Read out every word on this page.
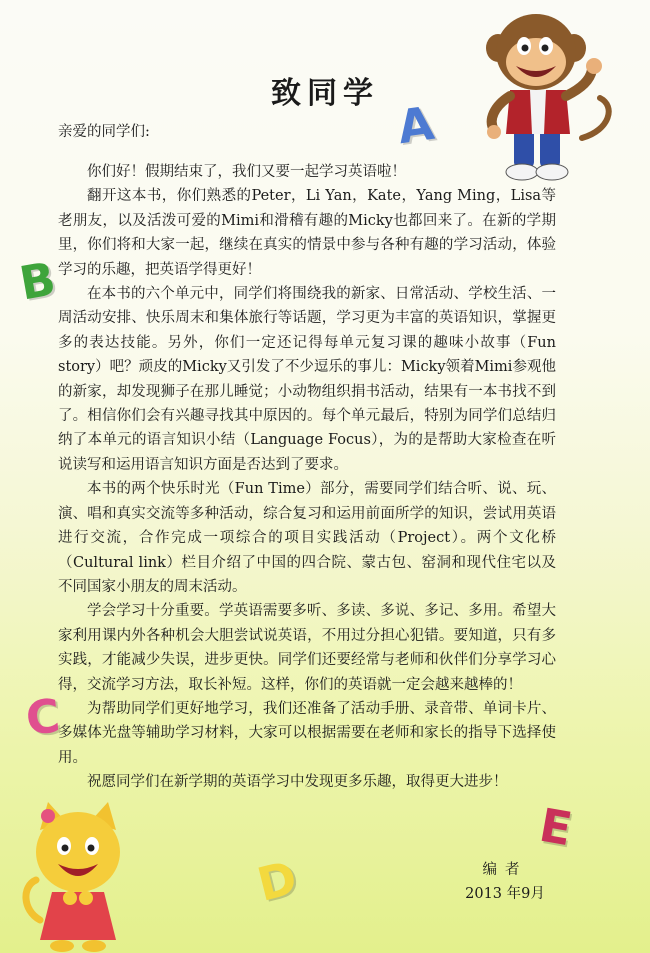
致同学
A
B
C
D
E
亲爱的同学们:

你们好！假期结束了，我们又要一起学习英语啦！

翻开这本书，你们熟悉的Peter，Li Yan，Kate，Yang Ming，Lisa等老朋友，以及活泼可爱的Mimi和滑稽有趣的Micky也都回来了。在新的学期里，你们将和大家一起，继续在真实的情景中参与各种有趣的学习活动，体验学习的乐趣，把英语学得更好！

在本书的六个单元中，同学们将围绕我的新家、日常活动、学校生活、一周活动安排、快乐周末和集体旅行等话题，学习更为丰富的英语知识，掌握更多的表达技能。另外，你们一定还记得每单元复习课的趣味小故事（Fun story）吧？顽皮的Micky又引发了不少逗乐的事儿：Micky领着Mimi参观他的新家，却发现狮子在那儿睡觉；小动物组织捐书活动，结果有一本书找不到了。相信你们会有兴趣寻找其中原因的。每个单元最后，特别为同学们总结归纳了本单元的语言知识小结（Language Focus），为的是帮助大家检查在听说读写和运用语言知识方面是否达到了要求。

本书的两个快乐时光（Fun Time）部分，需要同学们结合听、说、玩、演、唱和真实交流等多种活动，综合复习和运用前面所学的知识，尝试用英语进行交流，合作完成一项综合的项目实践活动（Project）。两个文化桥（Cultural link）栏目介绍了中国的四合院、蒙古包、窑洞和现代住宅以及不同国家小朋友的周末活动。

学会学习十分重要。学英语需要多听、多读、多说、多记、多用。希望大家利用课内外各种机会大胆尝试说英语，不用过分担心犯错。要知道，只有多实践，才能减少失误，进步更快。同学们还要经常与老师和伙伴们分享学习心得，交流学习方法，取长补短。这样，你们的英语就一定会越来越棒的！

为帮助同学们更好地学习，我们还准备了活动手册、录音带、单词卡片、多媒体光盘等辅助学习材料，大家可以根据需要在老师和家长的指导下选择使用。

祝愿同学们在新学期的英语学习中发现更多乐趣，取得更大进步！

编者
2013 年9月
